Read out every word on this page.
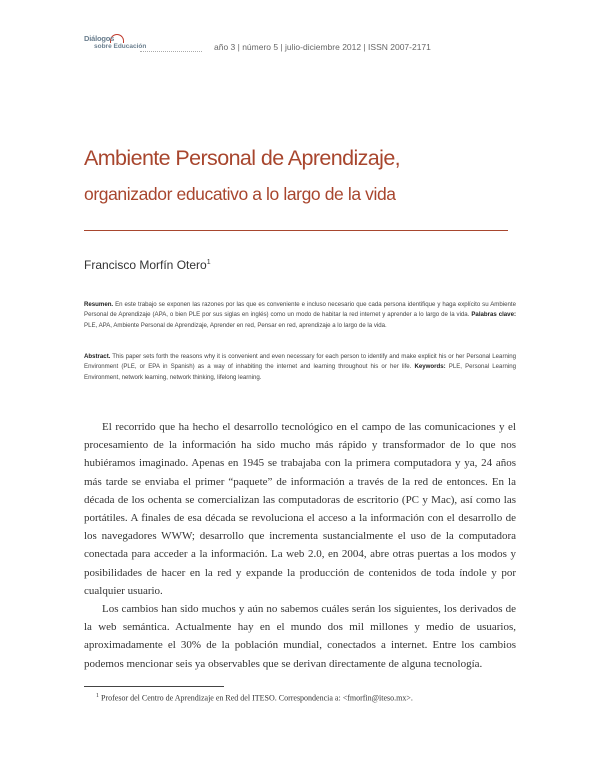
Diálogos
sobre Educación	año 3 | número 5 | julio-diciembre 2012 | ISSN 2007-2171
Ambiente Personal de Aprendizaje,
organizador educativo a lo largo de la vida
Francisco Morfín Otero$^1$
Resumen. En este trabajo se exponen las razones por las que es conveniente e incluso necesario que cada persona identifique y haga explícito su Ambiente Personal de Aprendizaje (APA, o bien PLE por sus siglas en inglés) como un modo de habitar la red internet y aprender a lo largo de la vida. Palabras clave: PLE, APA, Ambiente Personal de Aprendizaje, Aprender en red, Pensar en red, aprendizaje a lo largo de la vida.
Abstract. This paper sets forth the reasons why it is convenient and even necessary for each person to identify and make explicit his or her Personal Learning Environment (PLE, or EPA in Spanish) as a way of inhabiting the internet and learning throughout his or her life. Keywords: PLE, Personal Learning Environment, network learning, network thinking, lifelong learning.

El recorrido que ha hecho el desarrollo tecnológico en el campo de las comunicaciones y el procesamiento de la información ha sido mucho más rápido y transformador de lo que nos hubiéramos imaginado. Apenas en 1945 se trabajaba con la primera computadora y ya, 24 años más tarde se enviaba el primer “paquete” de información a través de la red de entonces. En la década de los ochenta se comercializan las computadoras de escritorio (PC y Mac), así como las portátiles. A finales de esa década se revoluciona el acceso a la información con el desarrollo de los navegadores WWW; desarrollo que incrementa sustancialmente el uso de la computadora conectada para acceder a la información. La web 2.0, en 2004, abre otras puertas a los modos y posibilidades de hacer en la red y expande la producción de contenidos de toda índole y por cualquier usuario.

Los cambios han sido muchos y aún no sabemos cuáles serán los siguientes, los derivados de la web semántica. Actualmente hay en el mundo dos mil millones y medio de usuarios, aproximadamente el 30% de la población mundial, conectados a internet. Entre los cambios podemos mencionar seis ya observables que se derivan directamente de alguna tecnología.

$^1$ Profesor del Centro de Aprendizaje en Red del ITESO. Correspondencia a: <fmorfin@iteso.mx>.
